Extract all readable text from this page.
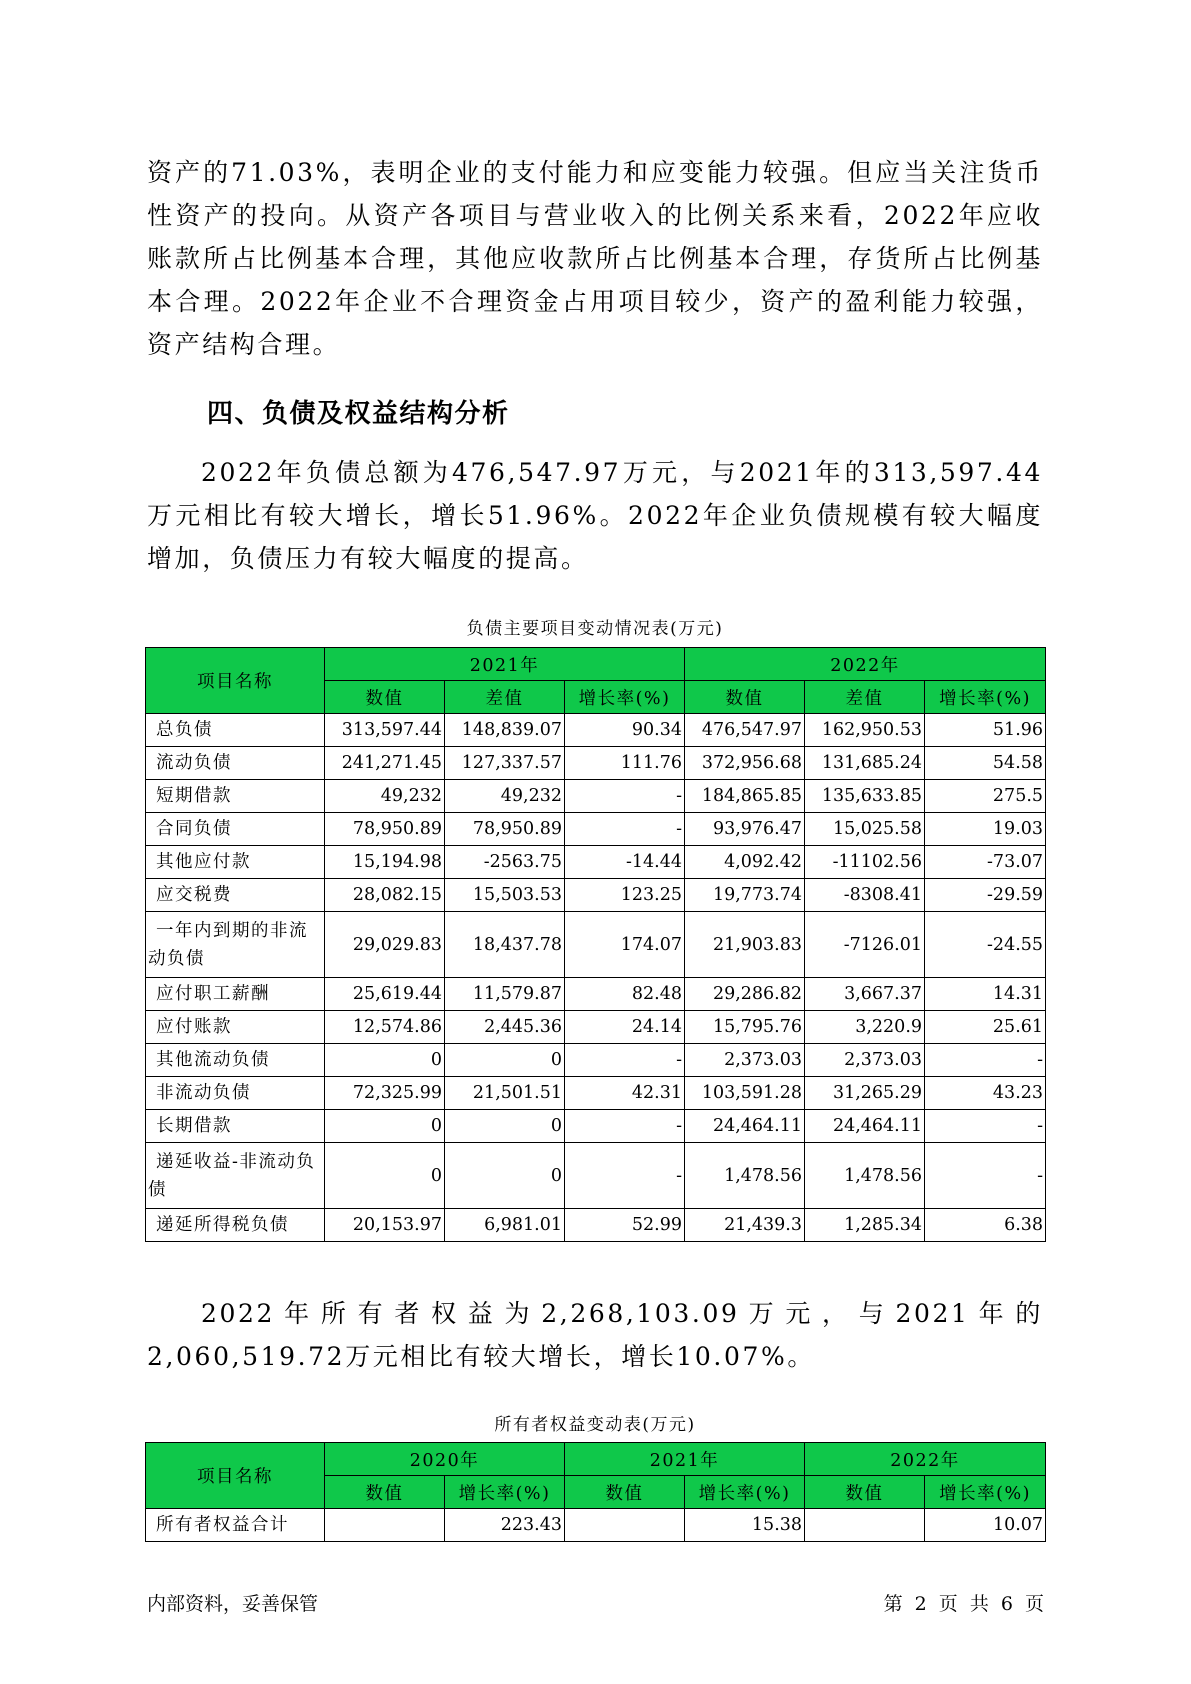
资产的71.03%，表明企业的支付能力和应变能力较强。但应当关注货币性资产的投向。从资产各项目与营业收入的比例关系来看，2022年应收账款所占比例基本合理，其他应收款所占比例基本合理，存货所占比例基本合理。2022年企业不合理资金占用项目较少，资产的盈利能力较强，资产结构合理。

四、负债及权益结构分析
2022年负债总额为476,547.97万元，与2021年的313,597.44万元相比有较大增长，增长51.96%。2022年企业负债规模有较大幅度增加，负债压力有较大幅度的提高。
负债主要项目变动情况表(万元)
项目名称	2021年			2022年		
	数值	差值	增长率(%)	数值	差值	增长率(%)
总负债	313,597.44	148,839.07	90.34	476,547.97	162,950.53	51.96
流动负债	241,271.45	127,337.57	111.76	372,956.68	131,685.24	54.58
短期借款	49,232	49,232	-	184,865.85	135,633.85	275.5
合同负债	78,950.89	78,950.89	-	93,976.47	15,025.58	19.03
其他应付款	15,194.98	-2563.75	-14.44	4,092.42	-11102.56	-73.07
应交税费	28,082.15	15,503.53	123.25	19,773.74	-8308.41	-29.59
一年内到期的非流动负债	29,029.83	18,437.78	174.07	21,903.83	-7126.01	-24.55
应付职工薪酬	25,619.44	11,579.87	82.48	29,286.82	3,667.37	14.31
应付账款	12,574.86	2,445.36	24.14	15,795.76	3,220.9	25.61
其他流动负债	0	0	-	2,373.03	2,373.03	-
非流动负债	72,325.99	21,501.51	42.31	103,591.28	31,265.29	43.23
长期借款	0	0	-	24,464.11	24,464.11	-
递延收益-非流动负债	0	0	-	1,478.56	1,478.56	-
递延所得税负债	20,153.97	6,981.01	52.99	21,439.3	1,285.34	6.38
2022年所有者权益为2,268,103.09万元，与2021年的2,060,519.72万元相比有较大增长，增长10.07%。
所有者权益变动表(万元)
项目名称	2020年		2021年		2022年	
	数值	增长率(%)	数值	增长率(%)	数值	增长率(%)
所有者权益合计		223.43		15.38		10.07
内部资料，妥善保管	第 2 页 共 6 页
